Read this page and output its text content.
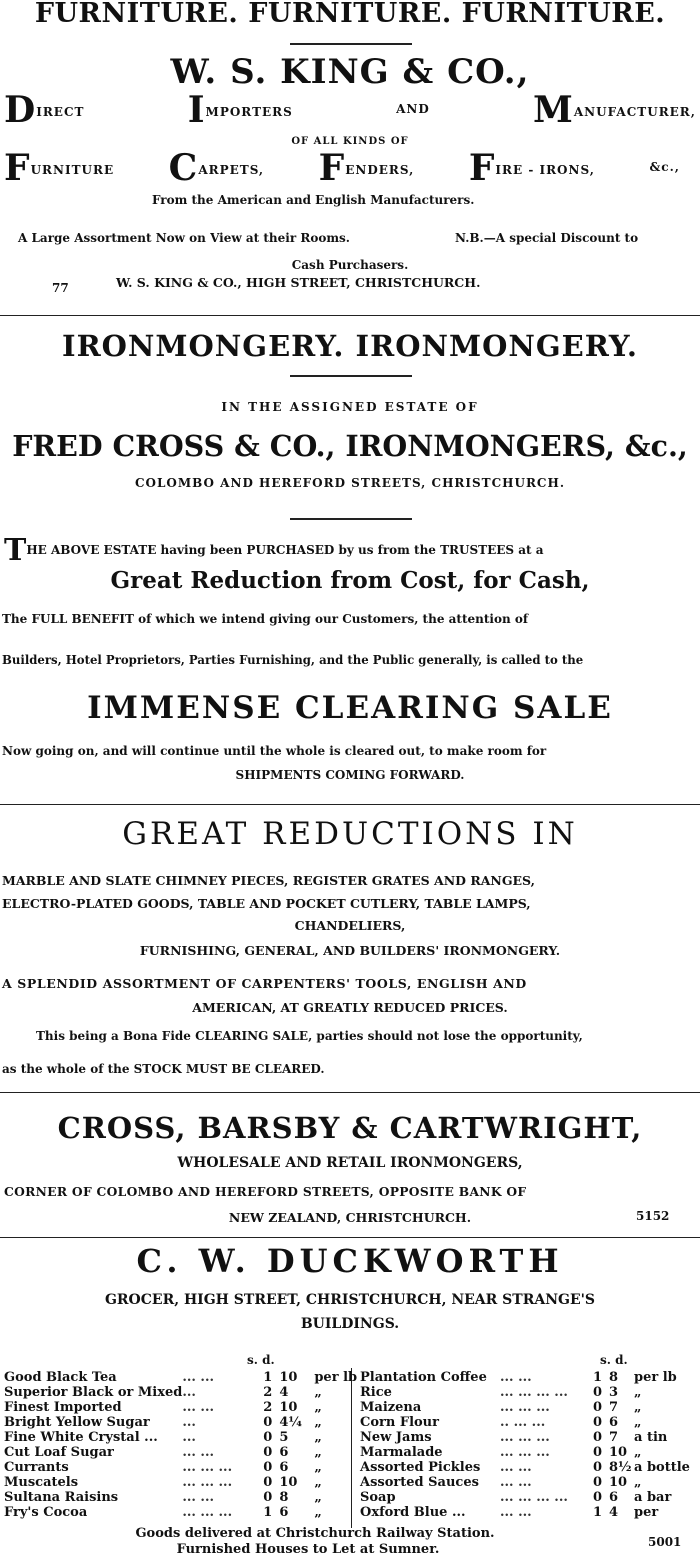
FURNITURE. FURNITURE. FURNITURE.
W. S. KING & CO.,
DIRECT	IMPORTERS	AND	MANUFACTURER,
OF ALL KINDS OF
FURNITURE CARPETS, FENDERS, FIRE - IRONS,	&c.,
From the American and English Manufacturers.
A Large Assortment Now on View at their Rooms.	N.B.—A special Discount to
Cash Purchasers.
77	W. S. KING & CO., HIGH STREET, CHRISTCHURCH.
IRONMONGERY. IRONMONGERY.
IN THE ASSIGNED ESTATE OF
FRED CROSS & CO., IRONMONGERS, &c.,
COLOMBO AND HEREFORD STREETS, CHRISTCHURCH.
THE ABOVE ESTATE having been PURCHASED by us from the TRUSTEES at a
Great Reduction from Cost, for Cash,
The FULL BENEFIT of which we intend giving our Customers, the attention of
Builders, Hotel Proprietors, Parties Furnishing, and the Public generally, is called to the
IMMENSE CLEARING SALE
Now going on, and will continue until the whole is cleared out, to make room for
SHIPMENTS COMING FORWARD.
GREAT REDUCTIONS IN
MARBLE AND SLATE CHIMNEY PIECES, REGISTER GRATES AND RANGES,
ELECTRO-PLATED GOODS, TABLE AND POCKET CUTLERY, TABLE LAMPS,
CHANDELIERS,
FURNISHING, GENERAL, AND BUILDERS' IRONMONGERY.
A SPLENDID ASSORTMENT OF CARPENTERS' TOOLS, ENGLISH AND
AMERICAN, AT GREATLY REDUCED PRICES.
This being a Bona Fide CLEARING SALE, parties should not lose the opportunity,
as the whole of the STOCK MUST BE CLEARED.
CROSS, BARSBY & CARTWRIGHT,
WHOLESALE AND RETAIL IRONMONGERS,
CORNER OF COLOMBO AND HEREFORD STREETS, OPPOSITE BANK OF
NEW ZEALAND, CHRISTCHURCH.	5152
C. W. DUCKWORTH
GROCER, HIGH STREET, CHRISTCHURCH, NEAR STRANGE'S
BUILDINGS.
s. d.	s. d.
Good Black Tea	... ...	1	10	per lb
Superior Black or Mixed	...	2	4	„
Finest Imported	... ...	2	10	„
Bright Yellow Sugar	...	0	4¼	„
Fine White Crystal ...	...	0	5	„
Cut Loaf Sugar	... ...	0	6	„
Currants	... ... ...	0	6	„
Muscatels	... ... ...	0	10	„
Sultana Raisins	... ...	0	8	„
Fry's Cocoa	... ... ...	1	6	„
Plantation Coffee	... ...	1	8	per lb
Rice	... ... ... ...	0	3	„
Maizena	... ... ...	0	7	„
Corn Flour	.. ... ...	0	6	„
New Jams	... ... ...	0	7	a tin
Marmalade	... ... ...	0	10	„
Assorted Pickles	... ...	0	8½	a bottle
Assorted Sauces	... ...	0	10	„
Soap	... ... ... ...	0	6	a bar
Oxford Blue ...	... ...	1	4	per
Goods delivered at Christchurch Railway Station.
Furnished Houses to Let at Sumner.	5001
